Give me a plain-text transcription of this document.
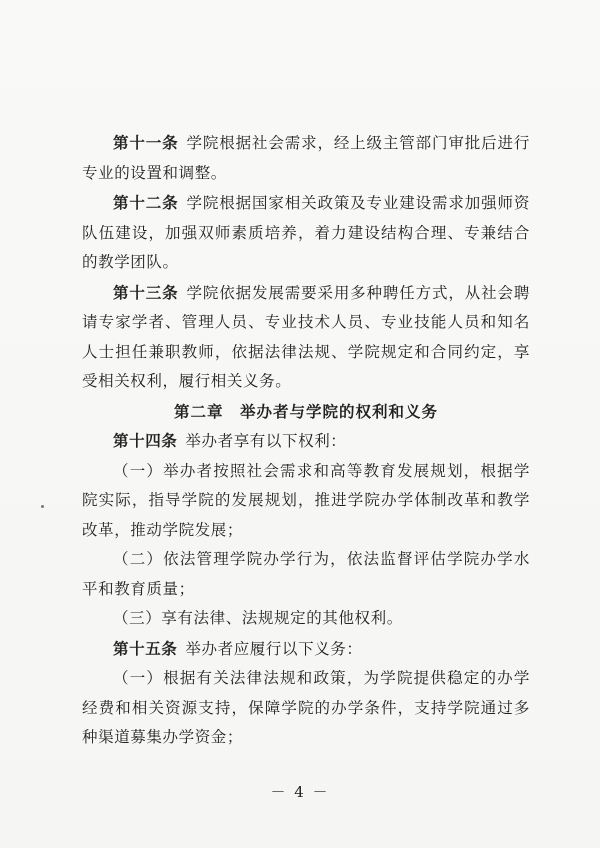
第十一条 学院根据社会需求，经上级主管部门审批后进行专业的设置和调整。

第十二条 学院根据国家相关政策及专业建设需求加强师资队伍建设，加强双师素质培养，着力建设结构合理、专兼结合的教学团队。

第十三条 学院依据发展需要采用多种聘任方式，从社会聘请专家学者、管理人员、专业技术人员、专业技能人员和知名人士担任兼职教师，依据法律法规、学院规定和合同约定，享受相关权利，履行相关义务。

第二章　举办者与学院的权利和义务

第十四条 举办者享有以下权利：

（一）举办者按照社会需求和高等教育发展规划，根据学院实际，指导学院的发展规划，推进学院办学体制改革和教学改革，推动学院发展；

（二）依法管理学院办学行为，依法监督评估学院办学水平和教育质量；

（三）享有法律、法规规定的其他权利。

第十五条 举办者应履行以下义务：

（一）根据有关法律法规和政策，为学院提供稳定的办学经费和相关资源支持，保障学院的办学条件，支持学院通过多种渠道募集办学资金；

－ 4 －
